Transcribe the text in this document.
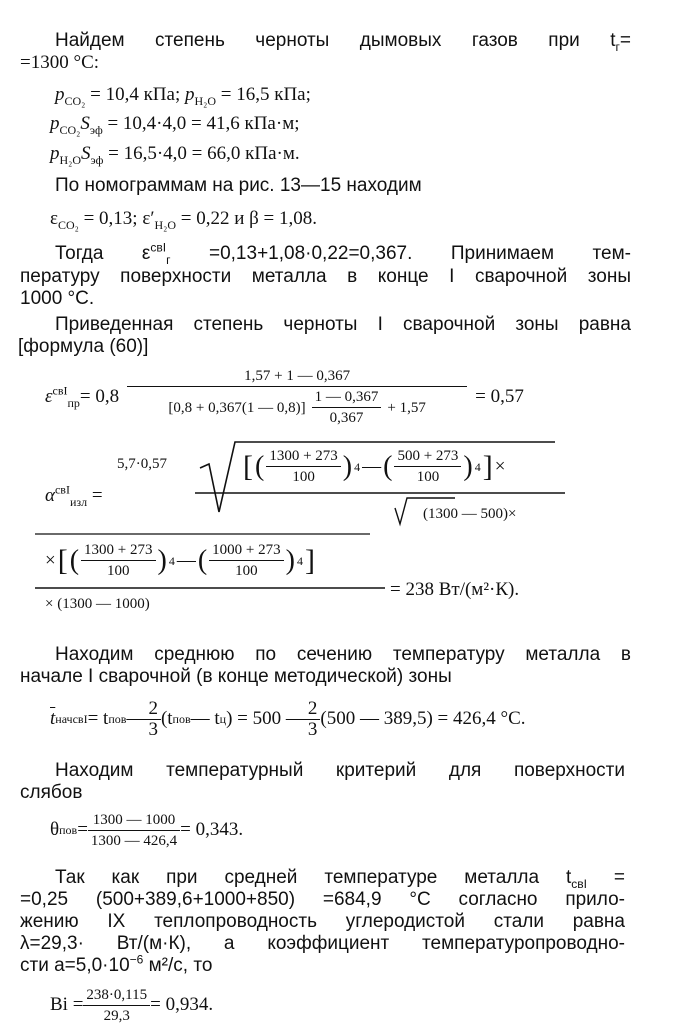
Найдем степень черноты дымовых газов при $t_г=$
=1300 °C:
$p_{CO_2} = 10,4$ кПа; $p_{H_2O} = 16,5$ кПа;
$p_{CO_2}S_{эф} = 10,4\cdot 4,0 = 41,6$ кПа·м;
$p_{H_2O}S_{эф} = 16,5\cdot 4,0 = 66,0$ кПа·м.
По номограммам на рис. 13—15 находим
$\varepsilon_{CO_2} = 0,13$; $\varepsilon'_{H_2O} = 0,22$ и β = 1,08.
Тогда $\varepsilon^{свI}_г =0,13+1,08\cdot 0,22=0,367$. Принимаем тем-
пературу поверхности металла в конце I сварочной зоны
1000 °C.
Приведенная степень черноты I сварочной зоны равна
[формула (60)]
$\varepsilon^{свI}_{пр} = 0,8 \frac{1,57 + 1 — 0,367}{[0,8 + 0,367(1 — 0,8)] \frac{1 — 0,367}{0,367} + 1,57} = 0,57$
$\alpha^{свI}_{изл}$ =
5,7·0,57	[ ( $\frac{1300 + 273}{100}$ ) 4 — ( $\frac{500 + 273}{100}$ ) 4 ] ×
(1300 — 500)×
× [ ( $\frac{1300 + 273}{100}$ ) 4 — ( $\frac{1000 + 273}{100}$ ) 4 ]
× (1300 — 1000)
= 238 Вт/(м²·К).
Находим среднюю по сечению температуру металла в
начале I сварочной (в конце методической) зоны
$\overline{t}$ нач свI = t пов — $\frac{2}{3} (t$ пов — t ц ) = 500 — $\frac{2}{3} (500$ — 389,5) = 426,4 °C.
Находим температурный критерий для поверхности
слябов
θ пов = $\frac{1300 — 1000}{1300 — 426,4} = 0,343$.
Так как при средней температуре металла $t_{свI}$ =
=0,25 (500+389,6+1000+850) =684,9 °C согласно прило-
жению IX теплопроводность углеродистой стали равна
λ=29,3· Вт/(м·К), а коэффициент температуропроводно-
сти $a=5,0\cdot 10^{-6}$ м²/с, то
$Bi = \frac{238\cdot 0,115}{29,3} = 0,934$.
